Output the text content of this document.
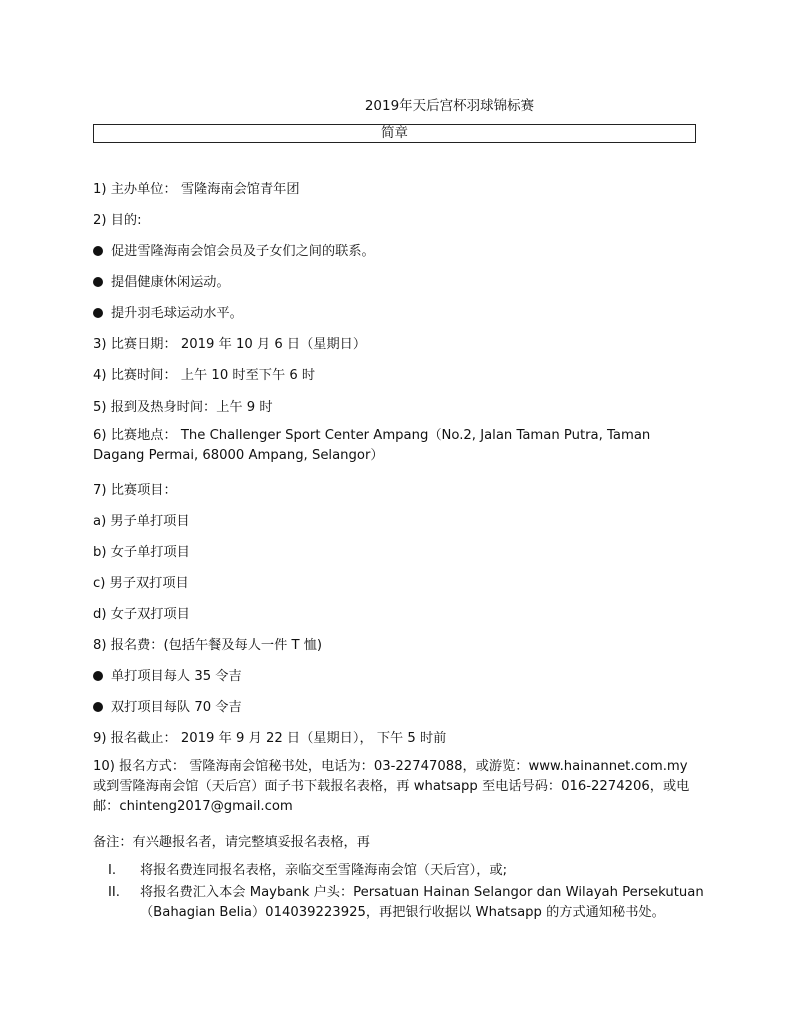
2019年天后宫杯羽球锦标赛
简章
1) 主办单位： 雪隆海南会馆青年团
2) 目的:
促进雪隆海南会馆会员及子女们之间的联系。
提倡健康休闲运动。
提升羽毛球运动水平。
3) 比赛日期： 2019 年 10 月 6 日（星期日）
4) 比赛时间： 上午 10 时至下午 6 时
5) 报到及热身时间：上午 9 时
6) 比赛地点： The Challenger Sport Center Ampang（No.2, Jalan Taman Putra, Taman Dagang Permai, 68000 Ampang, Selangor）
7) 比赛项目：
a) 男子单打项目
b) 女子单打项目
c) 男子双打项目
d) 女子双打项目
8) 报名费：(包括午餐及每人一件 T 恤)
单打项目每人 35 令吉
双打项目每队 70 令吉
9) 报名截止： 2019 年 9 月 22 日（星期日）， 下午 5 时前
10) 报名方式： 雪隆海南会馆秘书处，电话为：03-22747088，或游览：www.hainannet.com.my 或到雪隆海南会馆（天后宫）面子书下载报名表格，再 whatsapp 至电话号码：016-2274206，或电邮：chinteng2017@gmail.com
备注：有兴趣报名者，请完整填妥报名表格，再
I.	将报名费连同报名表格，亲临交至雪隆海南会馆（天后宫），或;
II.	将报名费汇入本会 Maybank 户头：Persatuan Hainan Selangor dan Wilayah Persekutuan（Bahagian Belia）014039223925，再把银行收据以 Whatsapp 的方式通知秘书处。
